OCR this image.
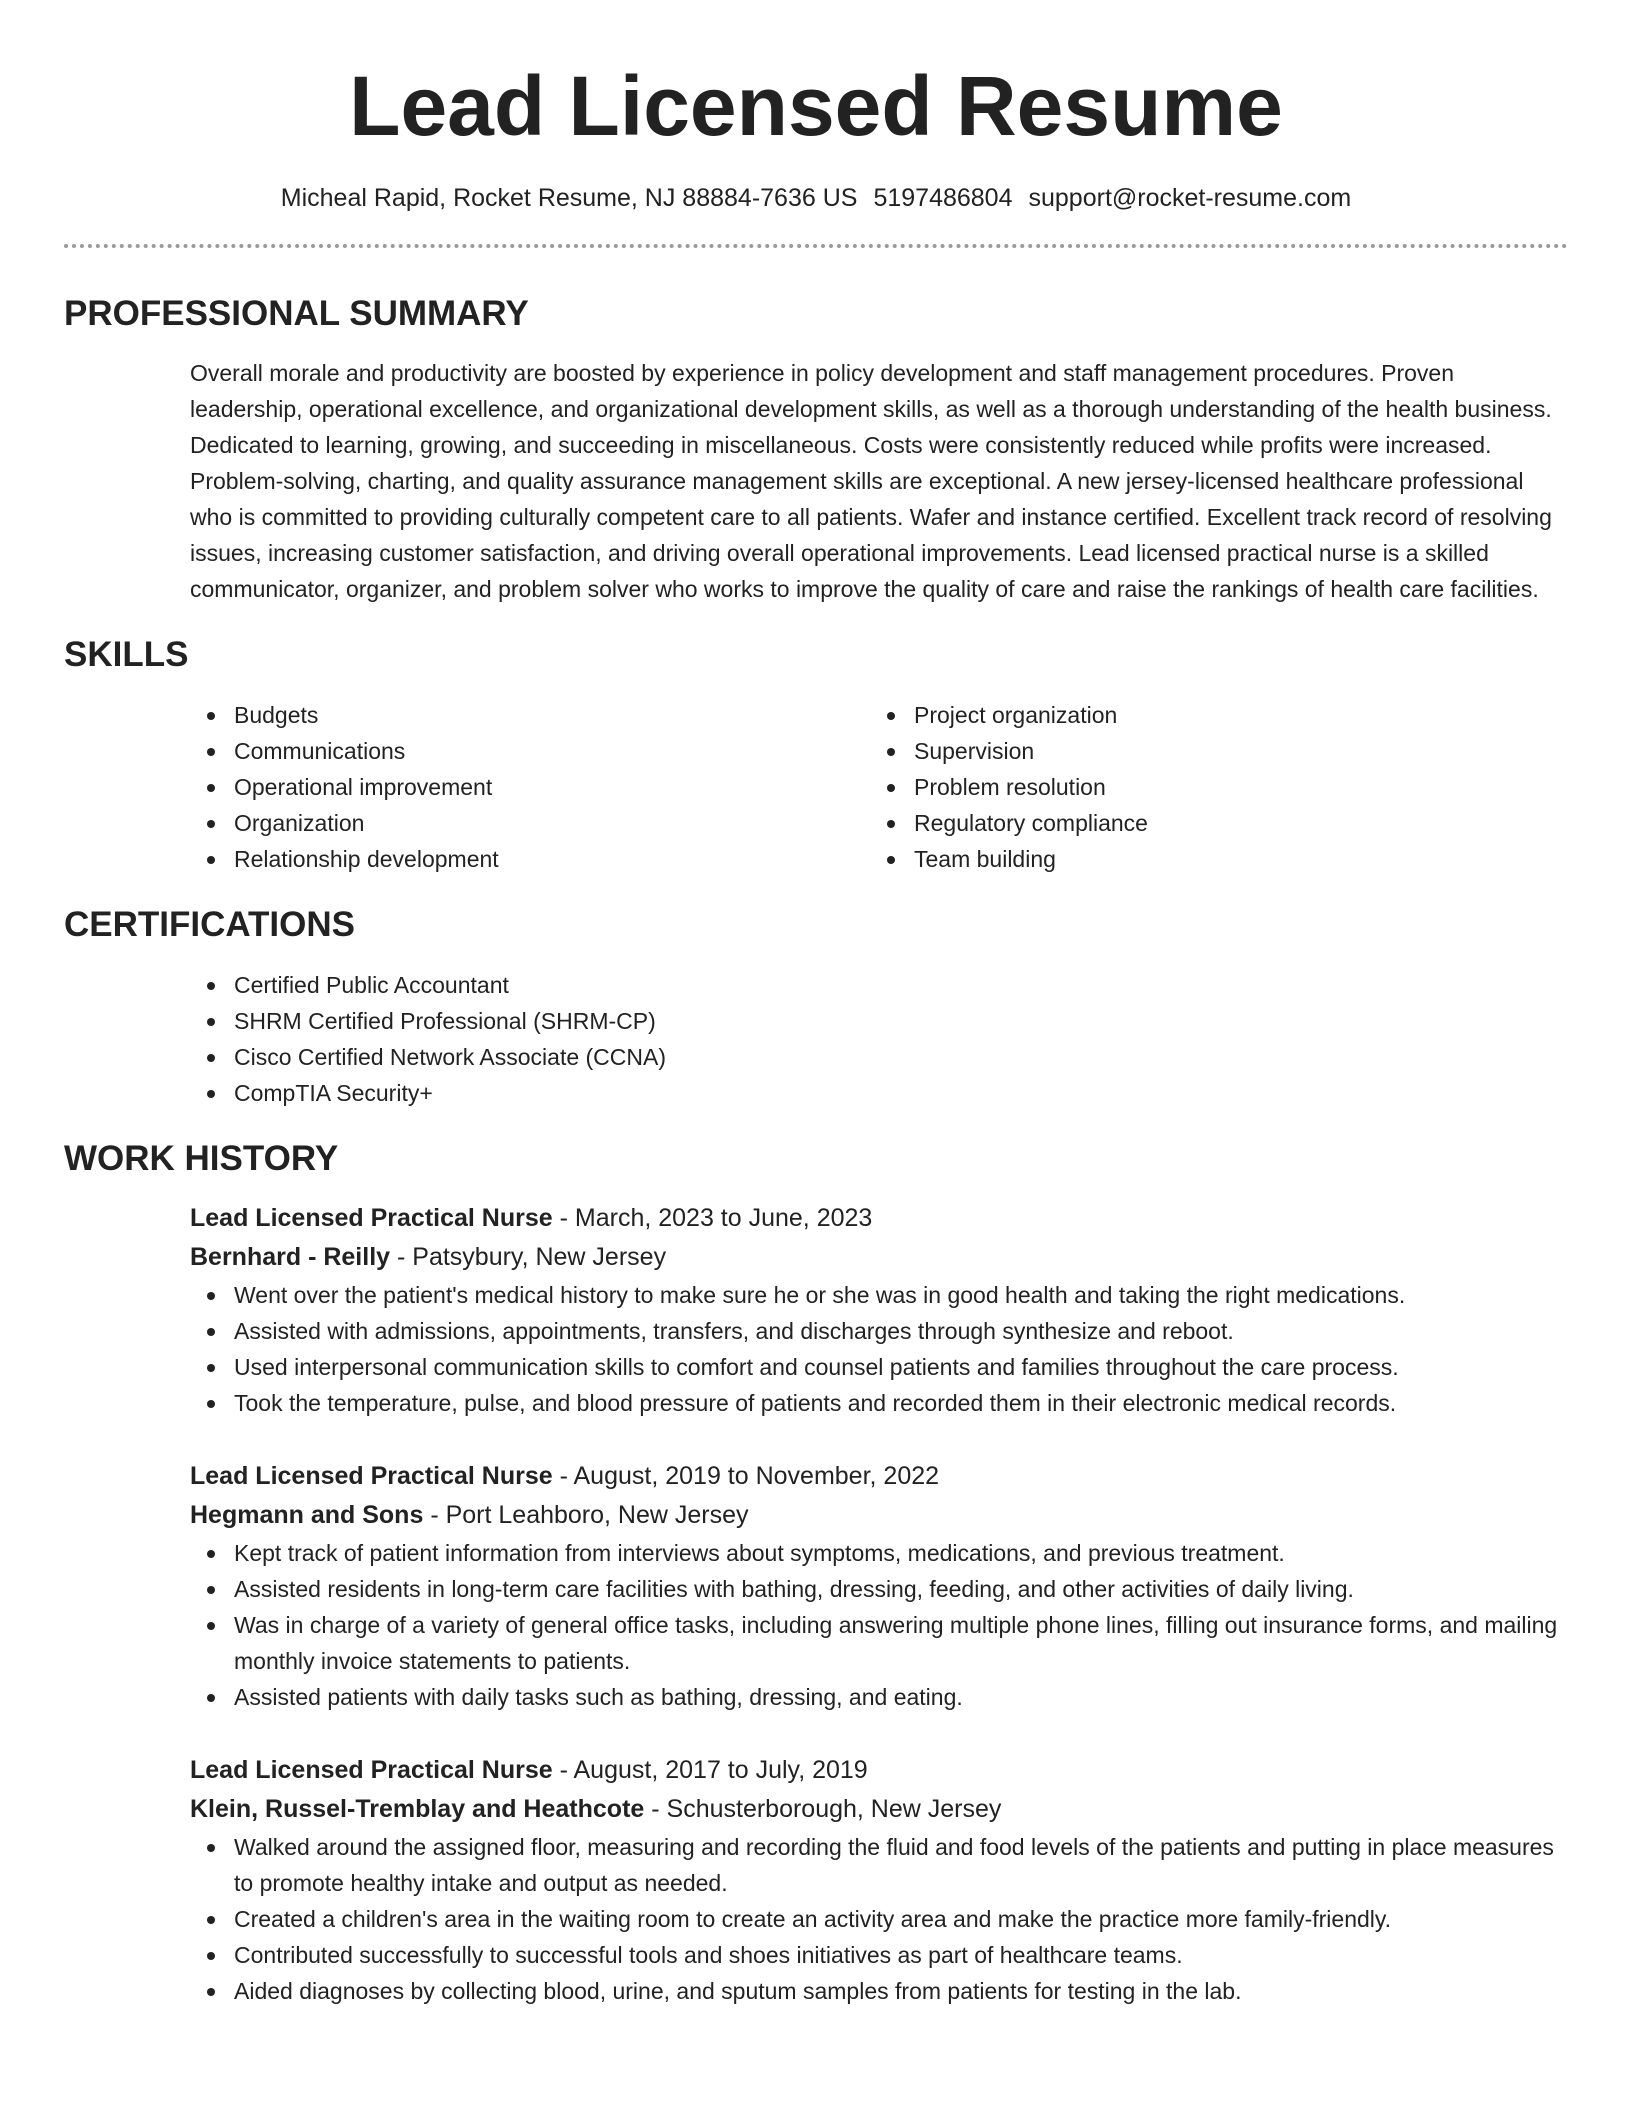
Lead Licensed Resume
Micheal Rapid, Rocket Resume, NJ 88884-7636 US 5197486804 support@rocket-resume.com
PROFESSIONAL SUMMARY

Overall morale and productivity are boosted by experience in policy development and staff management procedures. Proven leadership, operational excellence, and organizational development skills, as well as a thorough understanding of the health business. Dedicated to learning, growing, and succeeding in miscellaneous. Costs were consistently reduced while profits were increased. Problem-solving, charting, and quality assurance management skills are exceptional. A new jersey-licensed healthcare professional who is committed to providing culturally competent care to all patients. Wafer and instance certified. Excellent track record of resolving issues, increasing customer satisfaction, and driving overall operational improvements. Lead licensed practical nurse is a skilled communicator, organizer, and problem solver who works to improve the quality of care and raise the rankings of health care facilities.

SKILLS
Budgets
Communications
Operational improvement
Organization
Relationship development
Project organization
Supervision
Problem resolution
Regulatory compliance
Team building
CERTIFICATIONS
Certified Public Accountant
SHRM Certified Professional (SHRM-CP)
Cisco Certified Network Associate (CCNA)
CompTIA Security+
WORK HISTORY
Lead Licensed Practical Nurse - March, 2023 to June, 2023
Bernhard - Reilly - Patsybury, New Jersey
Went over the patient's medical history to make sure he or she was in good health and taking the right medications.
Assisted with admissions, appointments, transfers, and discharges through synthesize and reboot.
Used interpersonal communication skills to comfort and counsel patients and families throughout the care process.
Took the temperature, pulse, and blood pressure of patients and recorded them in their electronic medical records.
Lead Licensed Practical Nurse - August, 2019 to November, 2022
Hegmann and Sons - Port Leahboro, New Jersey
Kept track of patient information from interviews about symptoms, medications, and previous treatment.
Assisted residents in long-term care facilities with bathing, dressing, feeding, and other activities of daily living.
Was in charge of a variety of general office tasks, including answering multiple phone lines, filling out insurance forms, and mailing monthly invoice statements to patients.
Assisted patients with daily tasks such as bathing, dressing, and eating.
Lead Licensed Practical Nurse - August, 2017 to July, 2019
Klein, Russel-Tremblay and Heathcote - Schusterborough, New Jersey
Walked around the assigned floor, measuring and recording the fluid and food levels of the patients and putting in place measures to promote healthy intake and output as needed.
Created a children's area in the waiting room to create an activity area and make the practice more family-friendly.
Contributed successfully to successful tools and shoes initiatives as part of healthcare teams.
Aided diagnoses by collecting blood, urine, and sputum samples from patients for testing in the lab.
